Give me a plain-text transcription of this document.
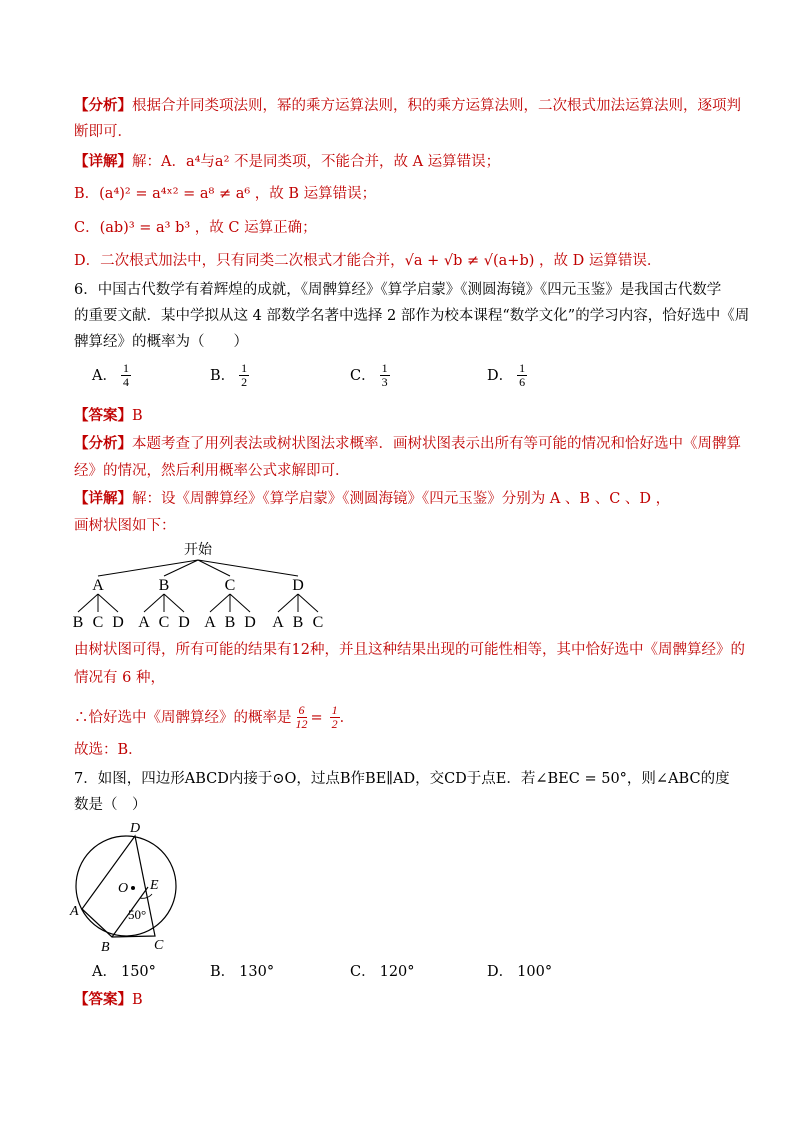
【分析】根据合并同类项法则，幂的乘方运算法则，积的乘方运算法则，二次根式加法运算法则，逐项判
断即可．
【详解】解：A．a⁴与a² 不是同类项，不能合并，故 A 运算错误；
B．(a⁴)² = a⁴ˣ² = a⁸ ≠ a⁶ ，故 B 运算错误；
C．(ab)³ = a³ b³ ，故 C 运算正确；
D．二次根式加法中，只有同类二次根式才能合并，√a + √b ≠ √(a+b) ，故 D 运算错误．
6．中国古代数学有着辉煌的成就，《周髀算经》《算学启蒙》《测圆海镜》《四元玉鉴》是我国古代数学
的重要文献．某中学拟从这 4 部数学名著中选择 2 部作为校本课程“数学文化”的学习内容，恰好选中《周
髀算经》的概率为（　　）
A． $\frac{1}{4}$	B． $\frac{1}{2}$	C． $\frac{1}{3}$	D． $\frac{1}{6}$
【答案】B
【分析】本题考查了用列表法或树状图法求概率．画树状图表示出所有等可能的情况和恰好选中《周髀算
经》的情况，然后利用概率公式求解即可．
【详解】解：设《周髀算经》《算学启蒙》《测圆海镜》《四元玉鉴》分别为 A 、B 、C 、D ，
画树状图如下：
开始
A
B C D
B
A C D
C
A B D
D
A B C
由树状图可得，所有可能的结果有12种，并且这种结果出现的可能性相等，其中恰好选中《周髀算经》的
情况有 6 种，
∴恰好选中《周髀算经》的概率是 $\frac{6}{12} = \frac{1}{2}$ ．
故选：B．
7．如图，四边形ABCD内接于⊙O，过点B作BE∥AD，交CD于点E．若∠BEC = 50°，则∠ABC的度
数是（　）
D
O E
A	50°
B	C
A． 150°	B． 130°	C． 120°	D． 100°
【答案】B
